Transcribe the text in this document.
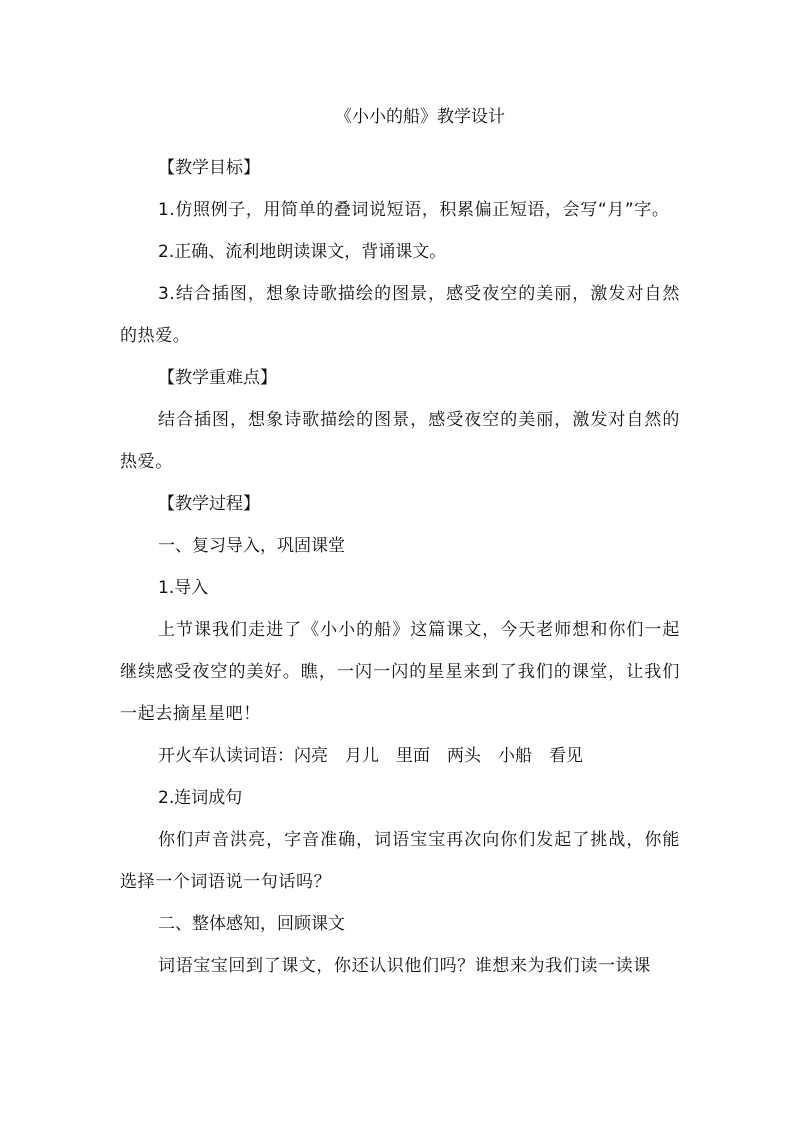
《小小的船》教学设计

【教学目标】

1.仿照例子，用简单的叠词说短语，积累偏正短语，会写“月”字。

2.正确、流利地朗读课文，背诵课文。

3.结合插图，想象诗歌描绘的图景，感受夜空的美丽，激发对自然的热爱。

【教学重难点】

结合插图，想象诗歌描绘的图景，感受夜空的美丽，激发对自然的热爱。

【教学过程】

一、复习导入，巩固课堂

1.导入

上节课我们走进了《小小的船》这篇课文，今天老师想和你们一起继续感受夜空的美好。瞧，一闪一闪的星星来到了我们的课堂，让我们一起去摘星星吧！

开火车认读词语：闪亮　月儿　里面　两头　小船　看见

2.连词成句

你们声音洪亮，字音准确，词语宝宝再次向你们发起了挑战，你能选择一个词语说一句话吗？

二、整体感知，回顾课文

词语宝宝回到了课文，你还认识他们吗？谁想来为我们读一读课
